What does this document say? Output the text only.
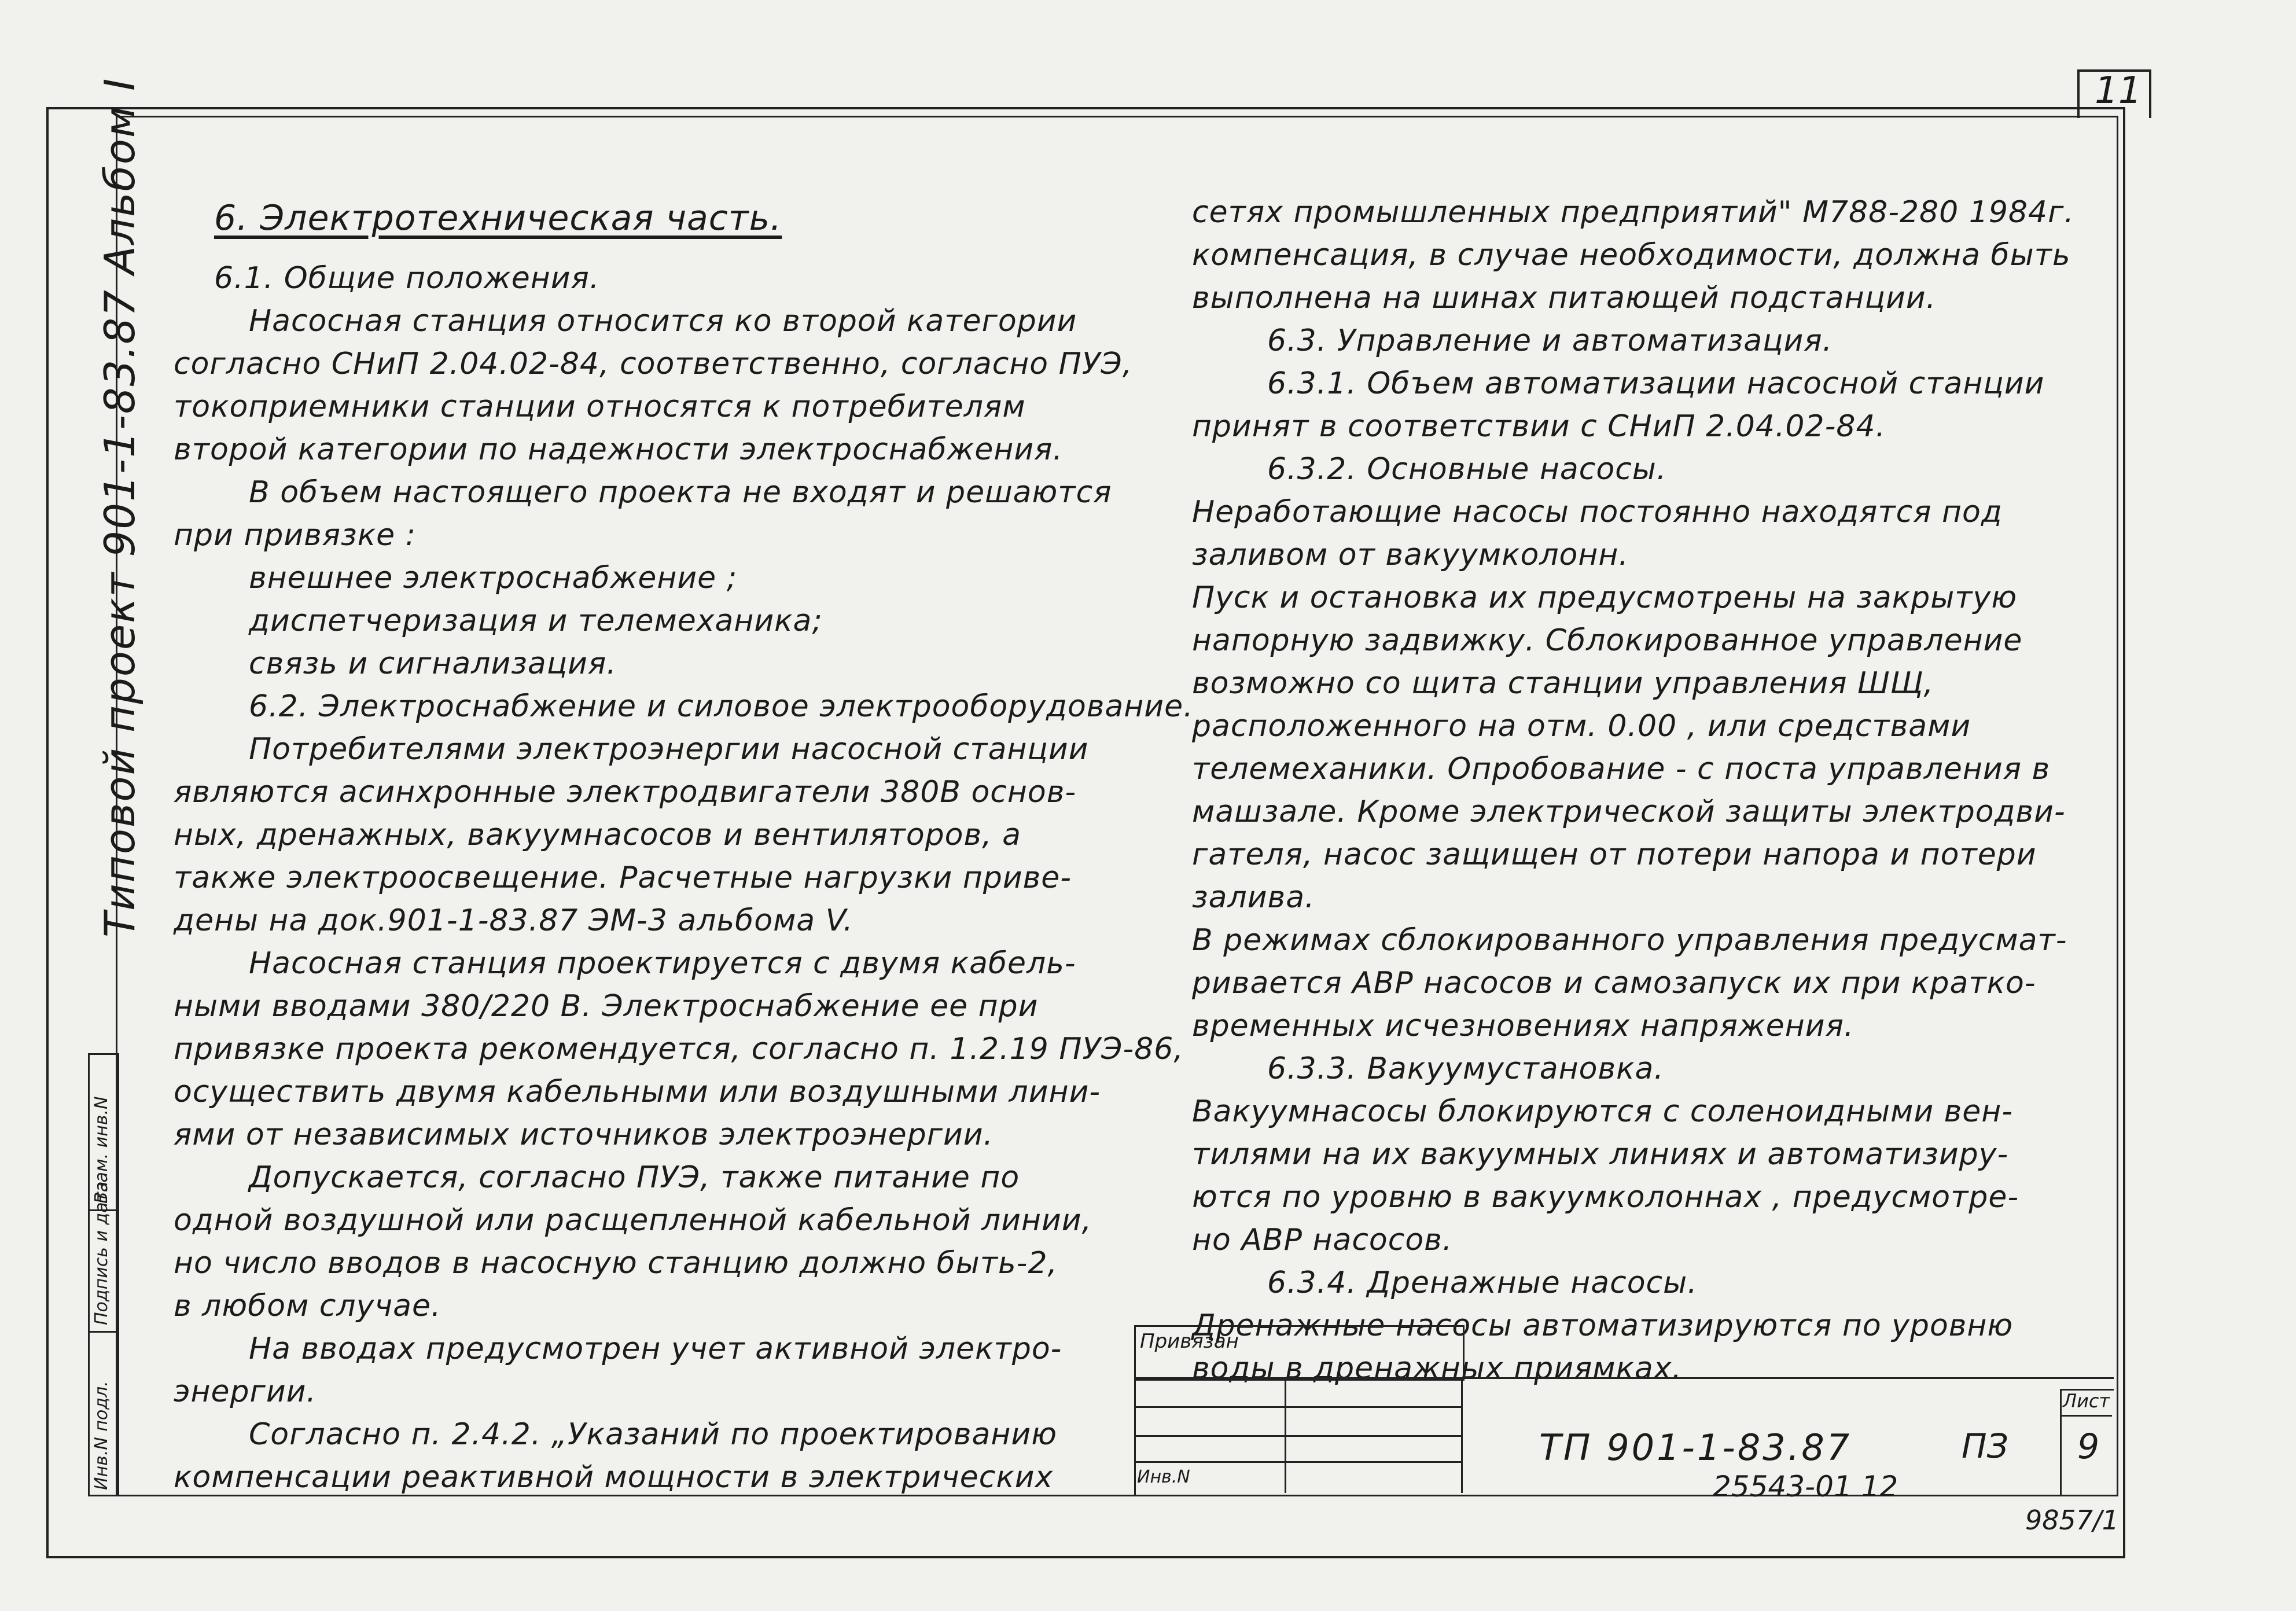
11
Типовой проект 901-1-83.87 Альбом I
Инв.N подл.
Подпись и дата
Взам. инв.N

6. Электротехническая часть.

6.1. Общие положения.

Насосная станция относится ко второй категории

согласно СНиП 2.04.02-84, соответственно, согласно ПУЭ,

токоприемники станции относятся к потребителям

второй категории по надежности электроснабжения.

В объем настоящего проекта не входят и решаются

при привязке :

внешнее электроснабжение ;

диспетчеризация и телемеханика;

связь и сигнализация.

6.2. Электроснабжение и силовое электрооборудование.

Потребителями электроэнергии насосной станции

являются асинхронные электродвигатели 380В основ-

ных, дренажных, вакуумнасосов и вентиляторов, а

также электроосвещение. Расчетные нагрузки приве-

дены на док.901-1-83.87 ЭМ-3 альбома V.

Насосная станция проектируется с двумя кабель-

ными вводами 380/220 В. Электроснабжение ее при

привязке проекта рекомендуется, согласно п. 1.2.19 ПУЭ-86,

осуществить двумя кабельными или воздушными лини-

ями от независимых источников электроэнергии.

Допускается, согласно ПУЭ, также питание по

одной воздушной или расщепленной кабельной линии,

но число вводов в насосную станцию должно быть-2,

в любом случае.

На вводах предусмотрен учет активной электро-

энергии.

Согласно п. 2.4.2. „Указаний по проектированию

компенсации реактивной мощности в электрических

сетях промышленных предприятий" М788-280 1984г.

компенсация, в случае необходимости, должна быть

выполнена на шинах питающей подстанции.

6.3. Управление и автоматизация.

6.3.1. Объем автоматизации насосной станции

принят в соответствии с СНиП 2.04.02-84.

6.3.2. Основные насосы.

Неработающие насосы постоянно находятся под

заливом от вакуумколонн.

Пуск и остановка их предусмотрены на закрытую

напорную задвижку. Сблокированное управление

возможно со щита станции управления ШЩ,

расположенного на отм. 0.00 , или средствами

телемеханики. Опробование - с поста управления в

машзале. Кроме электрической защиты электродви-

гателя, насос защищен от потери напора и потери

залива.

В режимах сблокированного управления предусмат-

ривается АВР насосов и самозапуск их при кратко-

временных исчезновениях напряжения.

6.3.3. Вакуумустановка.

Вакуумнасосы блокируются с соленоидными вен-

тилями на их вакуумных линиях и автоматизиру-

ются по уровню в вакуумколоннах , предусмотре-

но АВР насосов.

6.3.4. Дренажные насосы.

Дренажные насосы автоматизируются по уровню

воды в дренажных приямках.

Привязан
Инв.N
ТП 901-1-83.87	ПЗ
Лист
9
25543-01 12
9857/1
